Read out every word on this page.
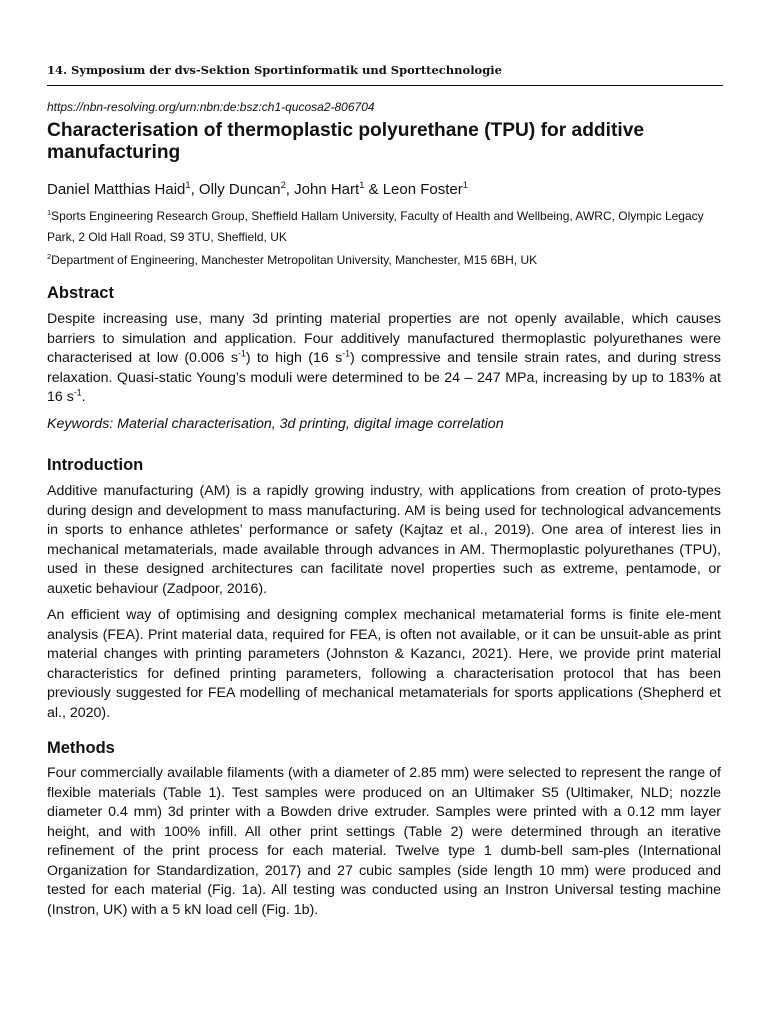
14. Symposium der dvs-Sektion Sportinformatik und Sporttechnologie
https://nbn-resolving.org/urn:nbn:de:bsz:ch1-qucosa2-806704
Characterisation of thermoplastic polyurethane (TPU) for additive manufacturing
Daniel Matthias Haid$^1$, Olly Duncan$^2$, John Hart$^1$ & Leon Foster$^1$
$^1$Sports Engineering Research Group, Sheffield Hallam University, Faculty of Health and Wellbeing, AWRC, Olympic Legacy Park, 2 Old Hall Road, S9 3TU, Sheffield, UK
$^2$Department of Engineering, Manchester Metropolitan University, Manchester, M15 6BH, UK
Abstract

Despite increasing use, many 3d printing material properties are not openly available, which causes barriers to simulation and application. Four additively manufactured thermoplastic polyurethanes were characterised at low (0.006 $s^{-1}$) to high (16 $s^{-1}$) compressive and tensile strain rates, and during stress relaxation. Quasi-static Young’s moduli were determined to be 24 – 247 MPa, increasing by up to 183% at 16 $s^{-1}$.

Keywords: Material characterisation, 3d printing, digital image correlation

Introduction

Additive manufacturing (AM) is a rapidly growing industry, with applications from creation of proto-types during design and development to mass manufacturing. AM is being used for technological advancements in sports to enhance athletes’ performance or safety (Kajtaz et al., 2019). One area of interest lies in mechanical metamaterials, made available through advances in AM. Thermoplastic polyurethanes (TPU), used in these designed architectures can facilitate novel properties such as extreme, pentamode, or auxetic behaviour (Zadpoor, 2016).

An efficient way of optimising and designing complex mechanical metamaterial forms is finite ele-ment analysis (FEA). Print material data, required for FEA, is often not available, or it can be unsuit-able as print material changes with printing parameters (Johnston & Kazancı, 2021). Here, we provide print material characteristics for defined printing parameters, following a characterisation protocol that has been previously suggested for FEA modelling of mechanical metamaterials for sports applications (Shepherd et al., 2020).

Methods

Four commercially available filaments (with a diameter of 2.85 mm) were selected to represent the range of flexible materials (Table 1). Test samples were produced on an Ultimaker S5 (Ultimaker, NLD; nozzle diameter 0.4 mm) 3d printer with a Bowden drive extruder. Samples were printed with a 0.12 mm layer height, and with 100% infill. All other print settings (Table 2) were determined through an iterative refinement of the print process for each material. Twelve type 1 dumb-bell sam-ples (International Organization for Standardization, 2017) and 27 cubic samples (side length 10 mm) were produced and tested for each material (Fig. 1a). All testing was conducted using an Instron Universal testing machine (Instron, UK) with a 5 kN load cell (Fig. 1b).
